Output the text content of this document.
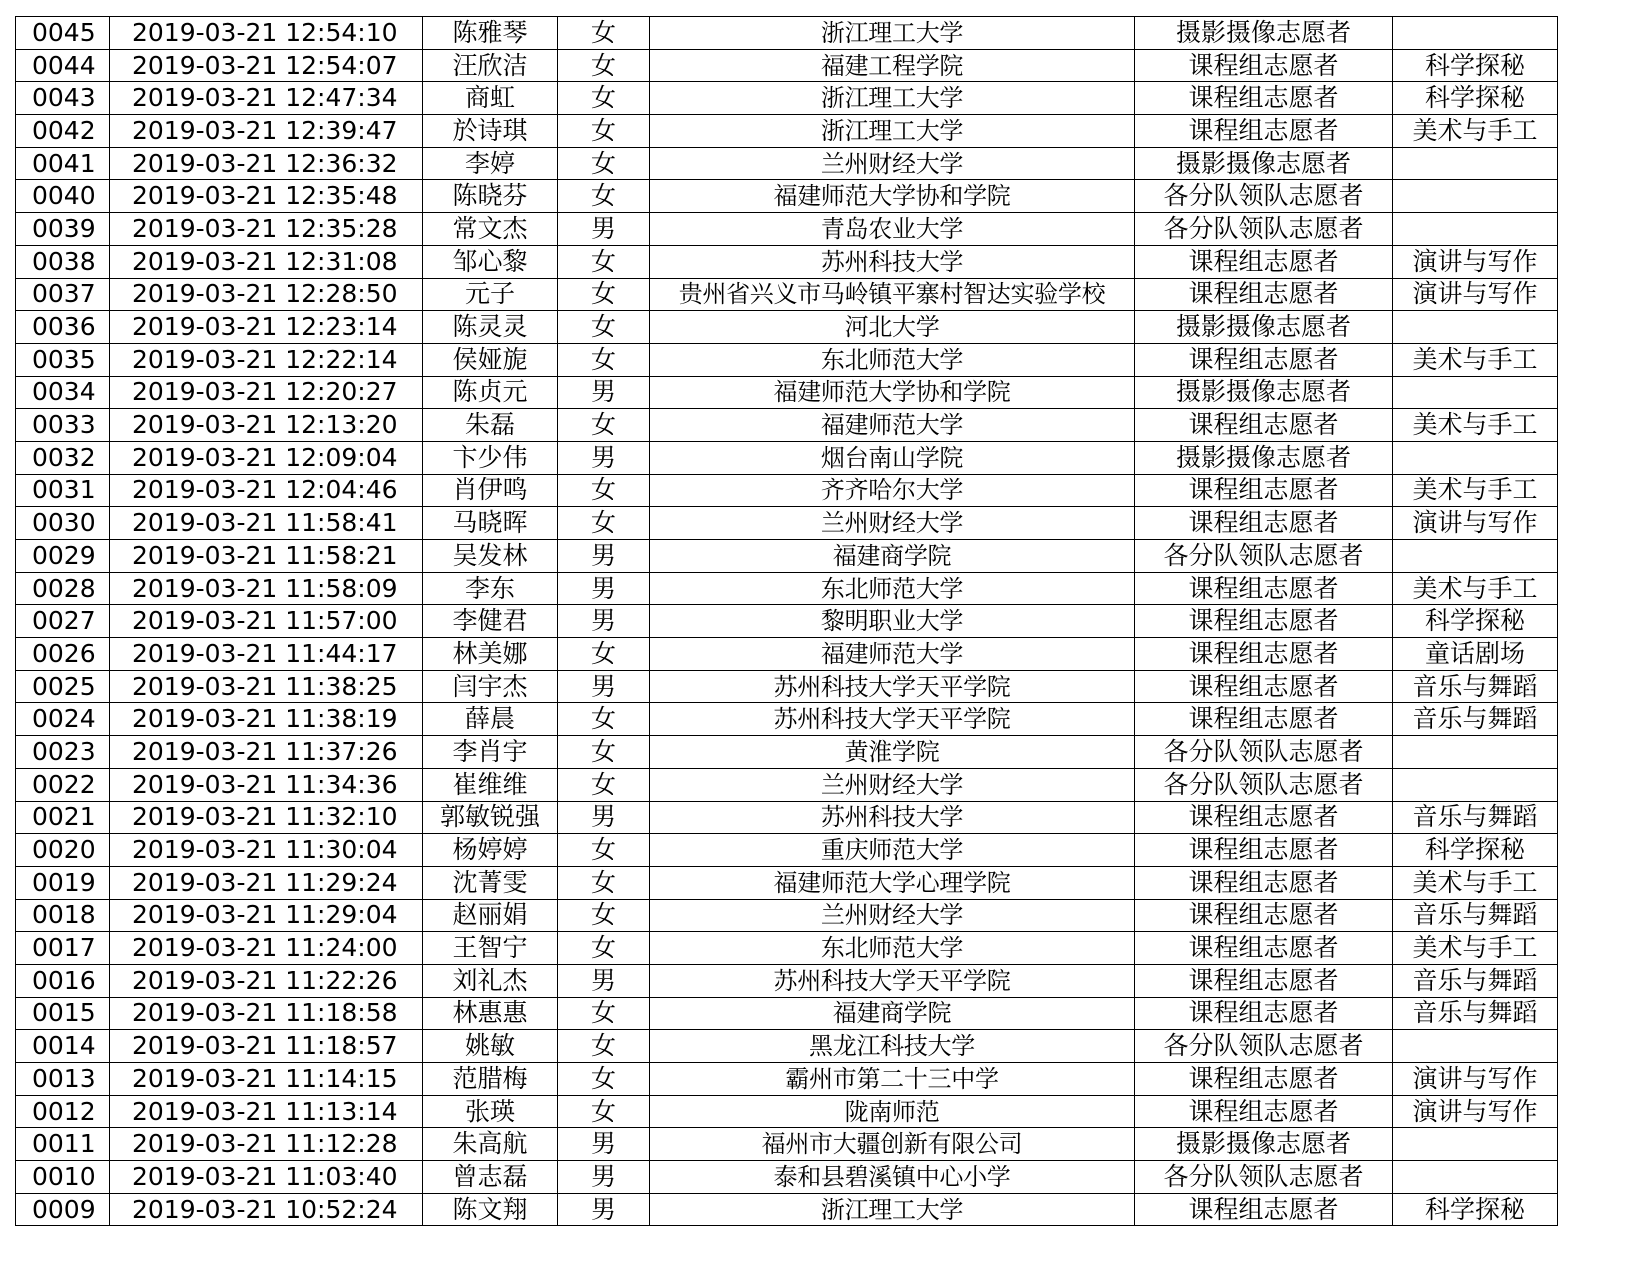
0045	2019-03-21 12:54:10	陈雅琴	女	浙江理工大学	摄影摄像志愿者	
0044	2019-03-21 12:54:07	汪欣洁	女	福建工程学院	课程组志愿者	科学探秘
0043	2019-03-21 12:47:34	商虹	女	浙江理工大学	课程组志愿者	科学探秘
0042	2019-03-21 12:39:47	於诗琪	女	浙江理工大学	课程组志愿者	美术与手工
0041	2019-03-21 12:36:32	李婷	女	兰州财经大学	摄影摄像志愿者	
0040	2019-03-21 12:35:48	陈晓芬	女	福建师范大学协和学院	各分队领队志愿者	
0039	2019-03-21 12:35:28	常文杰	男	青岛农业大学	各分队领队志愿者	
0038	2019-03-21 12:31:08	邹心黎	女	苏州科技大学	课程组志愿者	演讲与写作
0037	2019-03-21 12:28:50	元子	女	贵州省兴义市马岭镇平寨村智达实验学校	课程组志愿者	演讲与写作
0036	2019-03-21 12:23:14	陈灵灵	女	河北大学	摄影摄像志愿者	
0035	2019-03-21 12:22:14	侯娅旎	女	东北师范大学	课程组志愿者	美术与手工
0034	2019-03-21 12:20:27	陈贞元	男	福建师范大学协和学院	摄影摄像志愿者	
0033	2019-03-21 12:13:20	朱磊	女	福建师范大学	课程组志愿者	美术与手工
0032	2019-03-21 12:09:04	卞少伟	男	烟台南山学院	摄影摄像志愿者	
0031	2019-03-21 12:04:46	肖伊鸣	女	齐齐哈尔大学	课程组志愿者	美术与手工
0030	2019-03-21 11:58:41	马晓晖	女	兰州财经大学	课程组志愿者	演讲与写作
0029	2019-03-21 11:58:21	吴发林	男	福建商学院	各分队领队志愿者	
0028	2019-03-21 11:58:09	李东	男	东北师范大学	课程组志愿者	美术与手工
0027	2019-03-21 11:57:00	李健君	男	黎明职业大学	课程组志愿者	科学探秘
0026	2019-03-21 11:44:17	林美娜	女	福建师范大学	课程组志愿者	童话剧场
0025	2019-03-21 11:38:25	闫宇杰	男	苏州科技大学天平学院	课程组志愿者	音乐与舞蹈
0024	2019-03-21 11:38:19	薛晨	女	苏州科技大学天平学院	课程组志愿者	音乐与舞蹈
0023	2019-03-21 11:37:26	李肖宇	女	黄淮学院	各分队领队志愿者	
0022	2019-03-21 11:34:36	崔维维	女	兰州财经大学	各分队领队志愿者	
0021	2019-03-21 11:32:10	郭敏锐强	男	苏州科技大学	课程组志愿者	音乐与舞蹈
0020	2019-03-21 11:30:04	杨婷婷	女	重庆师范大学	课程组志愿者	科学探秘
0019	2019-03-21 11:29:24	沈菁雯	女	福建师范大学心理学院	课程组志愿者	美术与手工
0018	2019-03-21 11:29:04	赵丽娟	女	兰州财经大学	课程组志愿者	音乐与舞蹈
0017	2019-03-21 11:24:00	王智宁	女	东北师范大学	课程组志愿者	美术与手工
0016	2019-03-21 11:22:26	刘礼杰	男	苏州科技大学天平学院	课程组志愿者	音乐与舞蹈
0015	2019-03-21 11:18:58	林惠惠	女	福建商学院	课程组志愿者	音乐与舞蹈
0014	2019-03-21 11:18:57	姚敏	女	黑龙江科技大学	各分队领队志愿者	
0013	2019-03-21 11:14:15	范腊梅	女	霸州市第二十三中学	课程组志愿者	演讲与写作
0012	2019-03-21 11:13:14	张瑛	女	陇南师范	课程组志愿者	演讲与写作
0011	2019-03-21 11:12:28	朱高航	男	福州市大疆创新有限公司	摄影摄像志愿者	
0010	2019-03-21 11:03:40	曾志磊	男	泰和县碧溪镇中心小学	各分队领队志愿者	
0009	2019-03-21 10:52:24	陈文翔	男	浙江理工大学	课程组志愿者	科学探秘
